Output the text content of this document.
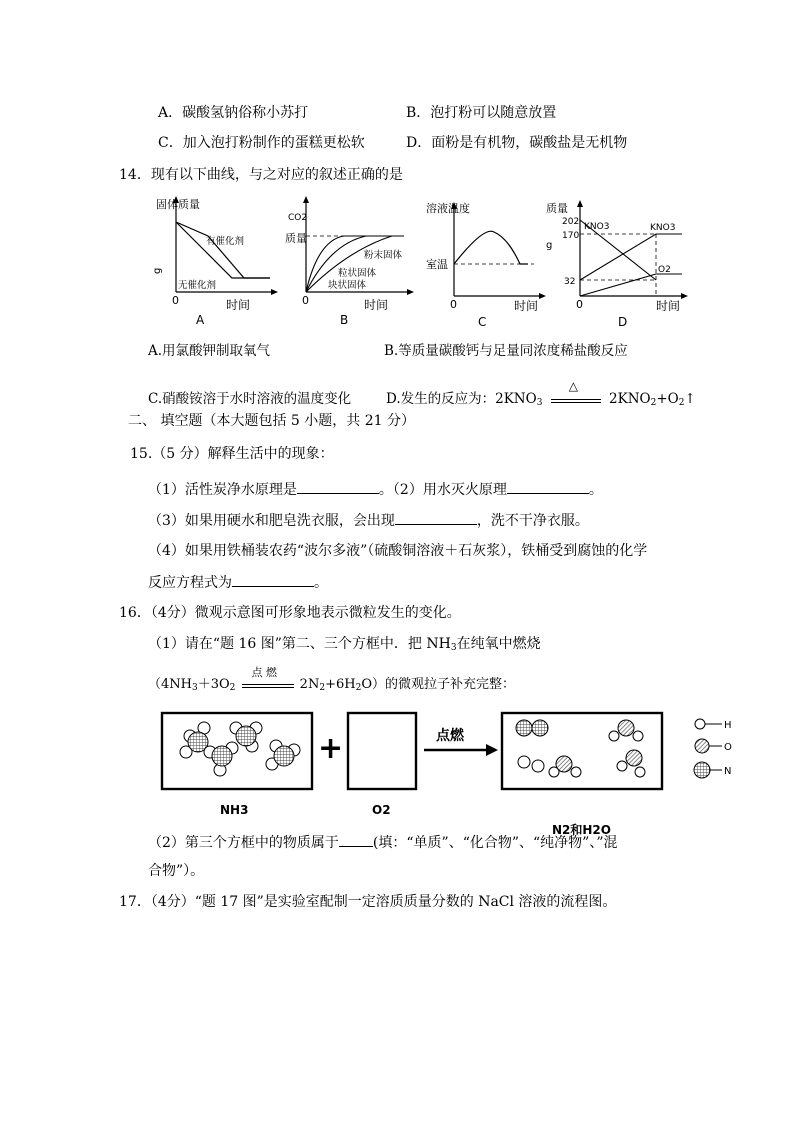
A．碳酸氢钠俗称小苏打	B．泡打粉可以随意放置
C．加入泡打粉制作的蛋糕更松软	D．面粉是有机物，碳酸盐是无机物
14．现有以下曲线，与之对应的叙述正确的是
固体质量
g
有催化剂
无催化剂
0	时间
A
质量
CO2
粉末固体
粒状固体
块状固体
0	时间
B
溶液温度
室温
0	时间
C
质量
g
202
170
32
KNO3	KNO3
O2
0	时间
D
A.用氯酸钾制取氧气	B.等质量碳酸钙与足量同浓度稀盐酸反应
C.硝酸铵溶于水时溶液的温度变化	D.发生的反应为：$2KNO_3$
△
$2KNO_2+O_2↑$
二、 填空题（本大题包括 5 小题，共 21 分）
15.（5 分）解释生活中的现象：
（1）活性炭净水原理是	。（2）用水灭火原理	。
（3）如果用硬水和肥皂洗衣服，会出现	，洗不干净衣服。
（4）如果用铁桶装农药“波尔多液”（硫酸铜溶液＋石灰浆），铁桶受到腐蚀的化学
反应方程式为	。
16．（4分）微观示意图可形象地表示微粒发生的变化。
（1）请在“题 16 图”第二、三个方框中．把 $NH_3$在纯氧中燃烧
（$4NH_3+3O_2$
点 燃
$2N_2+6H_2O$）的微观拉子补充完整：
NH3
+
O2
点燃
N2和H2O
H
O
N
（2）第三个方框中的物质属于 (填：“单质”、“化合物”、“纯净物”、”混
合物”）。
17．（4分）“题 17 图”是实验室配制一定溶质质量分数的 NaCl 溶液的流程图。
